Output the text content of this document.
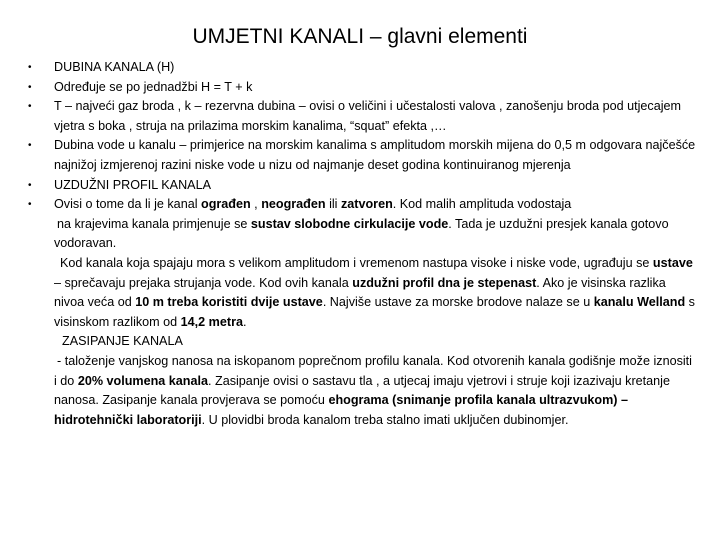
UMJETNI KANALI – glavni elementi
•	DUBINA KANALA (H)
•	Određuje se po jednadžbi H = T + k
•	T – najveći gaz broda , k – rezervna dubina – ovisi o veličini i učestalosti valova , zanošenju broda pod utjecajem vjetra s boka , struja na prilazima morskim kanalima, “squat” efekta ,…
•	Dubina vode u kanalu – primjerice na morskim kanalima s amplitudom morskih mijena do 0,5 m odgovara najčešće najnižoj izmjerenoj razini niske vode u nizu od najmanje deset godina kontinuiranog mjerenja
•	UZDUŽNI PROFIL KANALA
•	Ovisi o tome da li je kanal ograđen , neograđen ili zatvoren. Kod malih amplituda vodostaja
na krajevima kanala primjenuje se sustav slobodne cirkulacije vode. Tada je uzdužni presjek kanala gotovo vodoravan.
Kod kanala koja spajaju mora s velikom amplitudom i vremenom nastupa visoke i niske vode, ugrađuju se ustave – sprečavaju prejaka strujanja vode. Kod ovih kanala uzdužni profil dna je stepenast. Ako je visinska razlika nivoa veća od 10 m treba koristiti dvije ustave. Najviše ustave za morske brodove nalaze se u kanalu Welland s visinskom razlikom od 14,2 metra.
ZASIPANJE KANALA
- taloženje vanjskog nanosa na iskopanom poprečnom profilu kanala. Kod otvorenih kanala godišnje može iznositi i do 20% volumena kanala. Zasipanje ovisi o sastavu tla , a utjecaj imaju vjetrovi i struje koji izazivaju kretanje nanosa. Zasipanje kanala provjerava se pomoću ehograma (snimanje profila kanala ultrazvukom) – hidrotehnički laboratoriji. U plovidbi broda kanalom treba stalno imati uključen dubinomjer.
